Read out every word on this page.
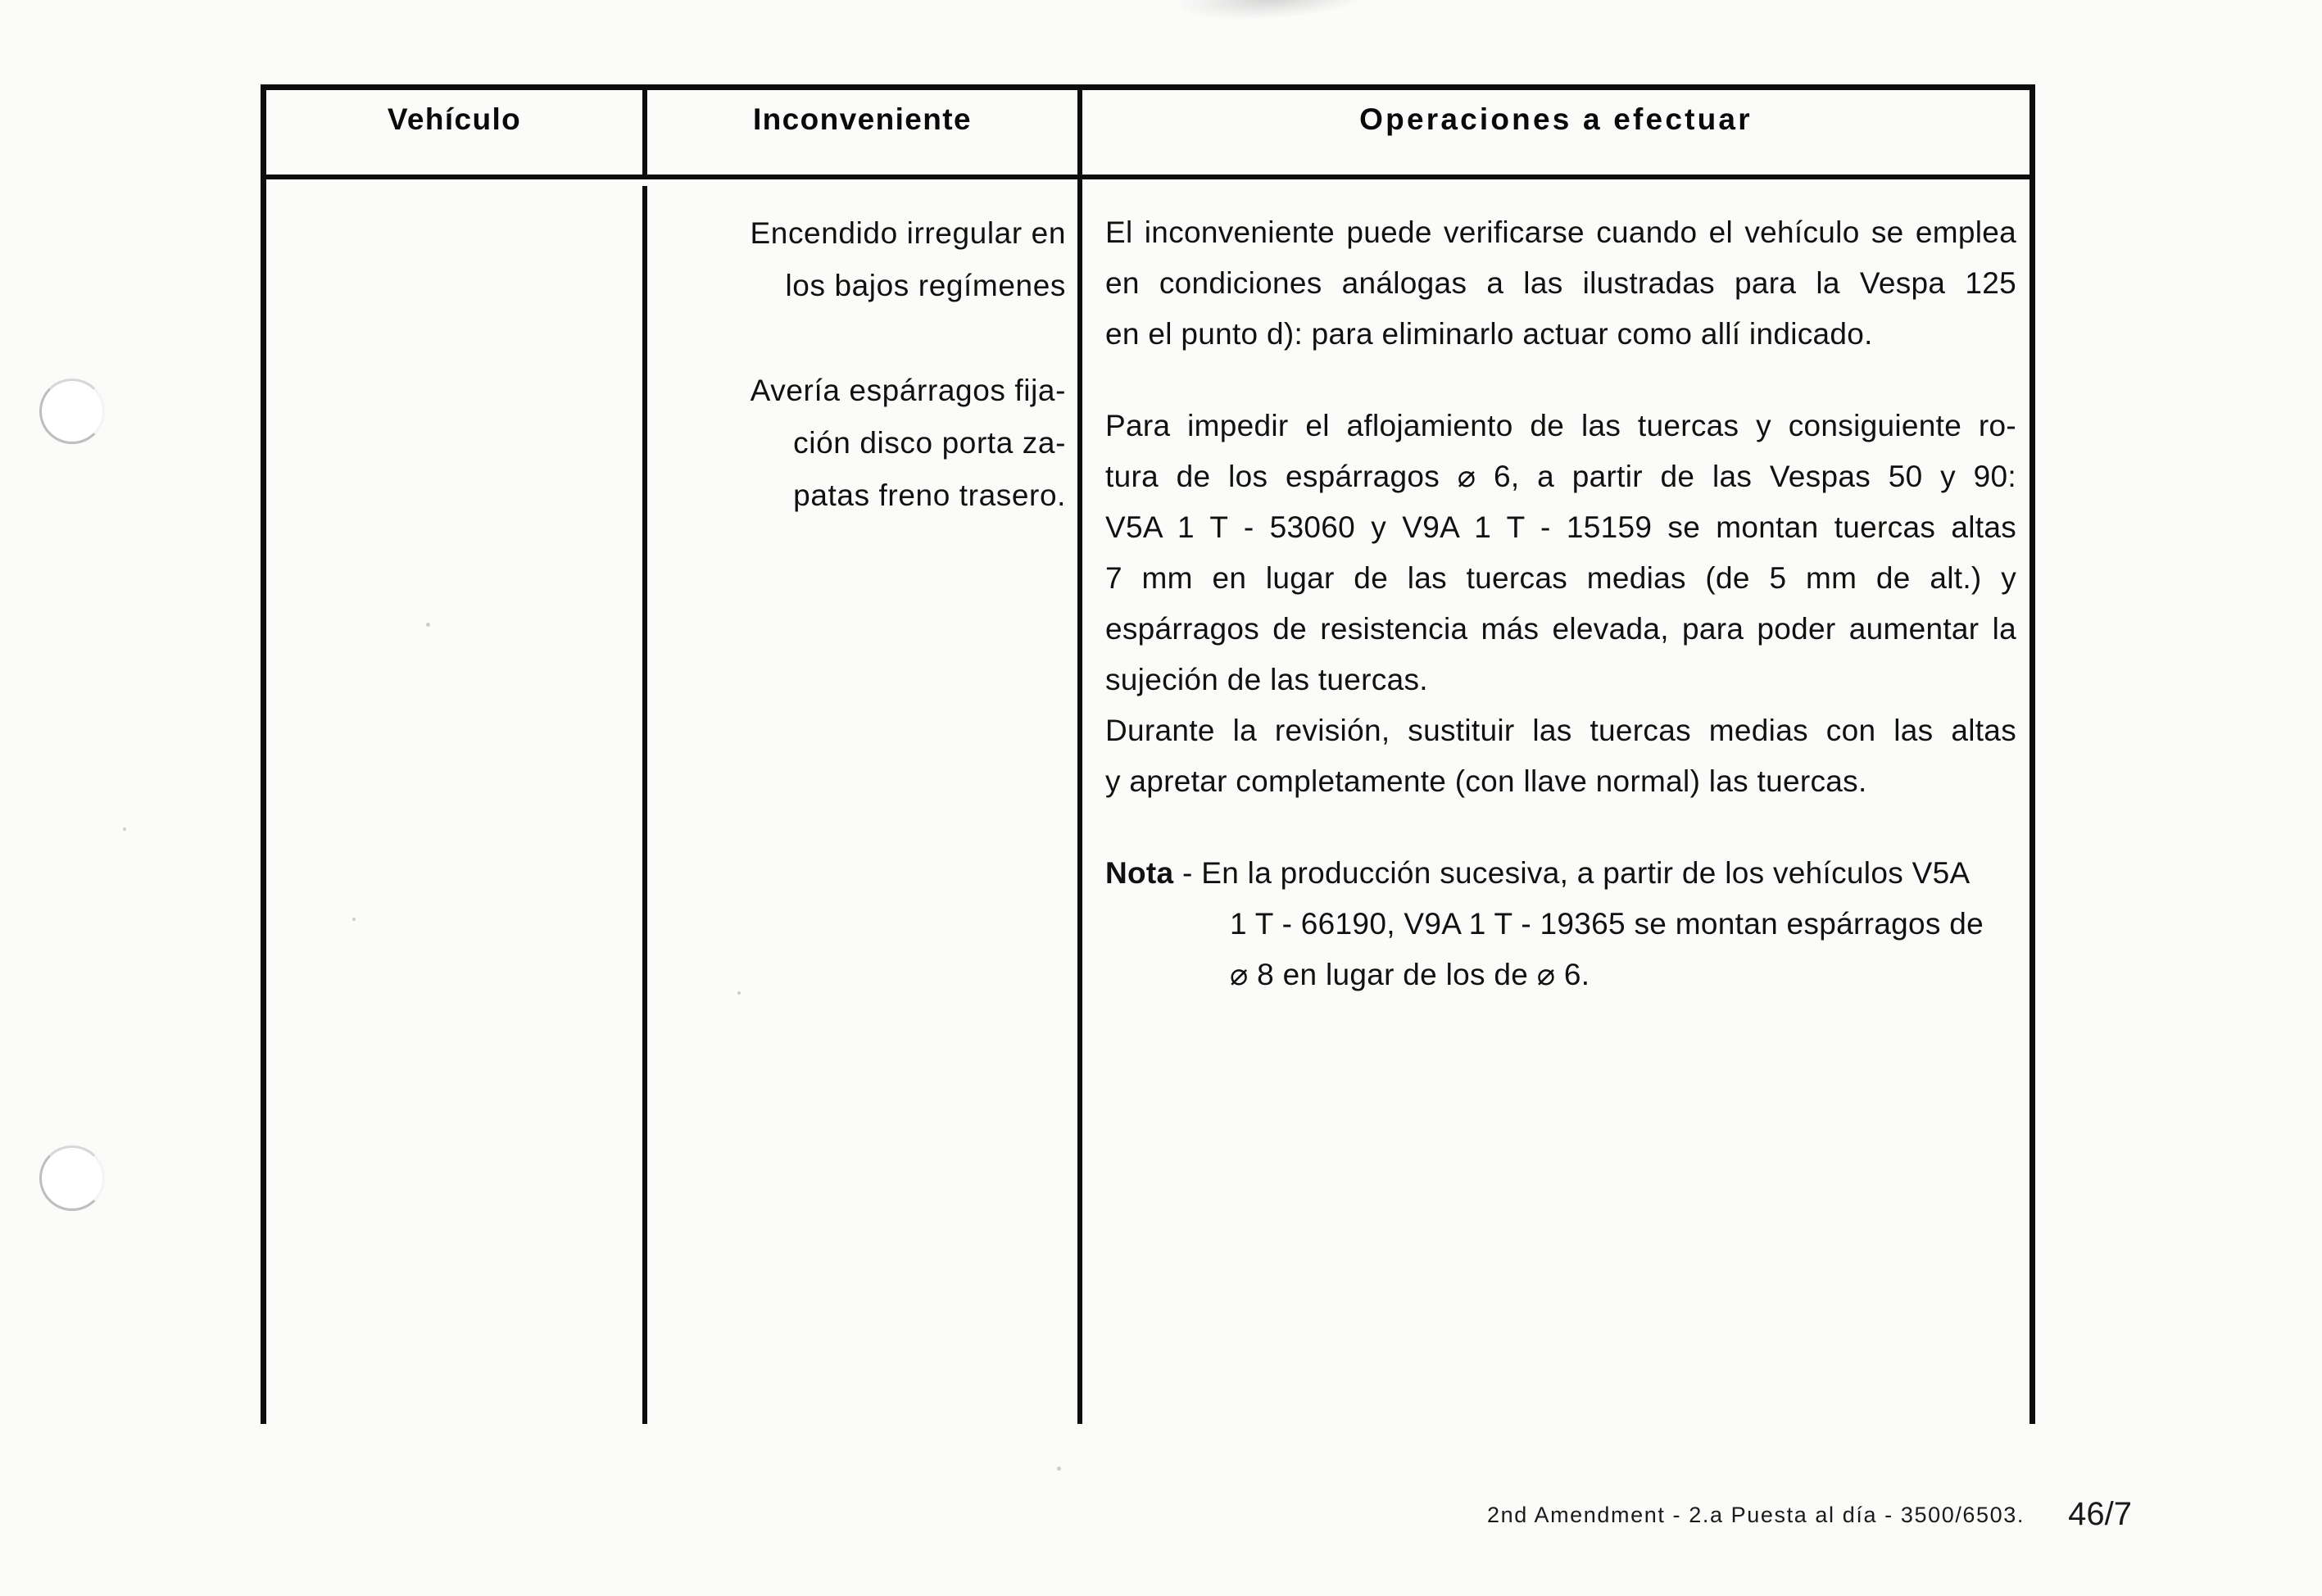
Vehículo	Inconveniente	Operaciones a efectuar
Encendido irregular en
los bajos regímenes
Avería espárragos fija-
ción disco porta za-
patas freno trasero.
El inconveniente puede verificarse cuando el vehículo se emplea
en condiciones análogas a las ilustradas para la Vespa 125
en el punto d): para eliminarlo actuar como allí indicado.
Para impedir el aflojamiento de las tuercas y consiguiente ro-
tura de los espárragos ⌀ 6, a partir de las Vespas 50 y 90:
V5A 1 T - 53060 y V9A 1 T - 15159 se montan tuercas altas
7 mm en lugar de las tuercas medias (de 5 mm de alt.) y
espárragos de resistencia más elevada, para poder aumentar la
sujeción de las tuercas.
Durante la revisión, sustituir las tuercas medias con las altas
y apretar completamente (con llave normal) las tuercas.
Nota - En la producción sucesiva, a partir de los vehículos V5A
1 T - 66190, V9A 1 T - 19365 se montan espárragos de
⌀ 8 en lugar de los de ⌀ 6.
2nd Amendment - 2.a Puesta al día - 3500/6503. 46/7
